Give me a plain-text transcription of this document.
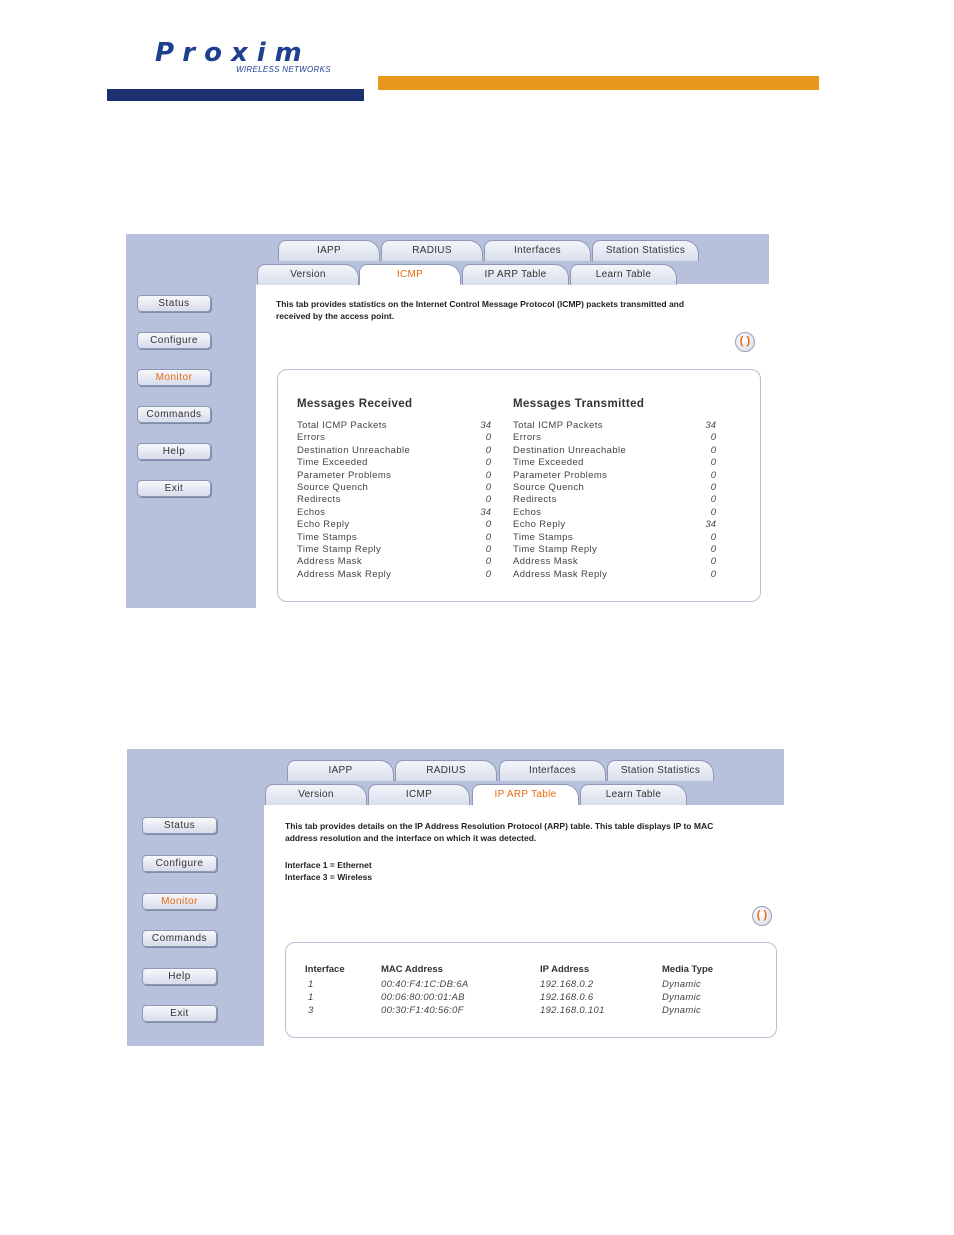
Proxim
WIRELESS NETWORKS
Status
Configure
Monitor
Commands
Help
Exit
IAPP	RADIUS	Interfaces	Station Statistics
Version	ICMP	IP ARP Table	Learn Table
This tab provides statistics on the Internet Control Message Protocol (ICMP) packets transmitted and
received by the access point.
( )
Messages Received	Messages Transmitted
Total ICMP Packets	34
Errors	0
Destination Unreachable	0
Time Exceeded	0
Parameter Problems	0
Source Quench	0
Redirects	0
Echos	34
Echo Reply	0
Time Stamps	0
Time Stamp Reply	0
Address Mask	0
Address Mask Reply	0
Total ICMP Packets	34
Errors	0
Destination Unreachable	0
Time Exceeded	0
Parameter Problems	0
Source Quench	0
Redirects	0
Echos	0
Echo Reply	34
Time Stamps	0
Time Stamp Reply	0
Address Mask	0
Address Mask Reply	0
Status
Configure
Monitor
Commands
Help
Exit
IAPP	RADIUS	Interfaces	Station Statistics
Version	ICMP	IP ARP Table	Learn Table
This tab provides details on the IP Address Resolution Protocol (ARP) table. This table displays IP to MAC
address resolution and the interface on which it was detected.
Interface 1 = Ethernet
Interface 3 = Wireless
( )
Interface	MAC Address	IP Address	Media Type
1	00:40:F4:1C:DB:6A	192.168.0.2	Dynamic
1	00:06:80:00:01:AB	192.168.0.6	Dynamic
3	00:30:F1:40:56:0F	192.168.0.101	Dynamic
